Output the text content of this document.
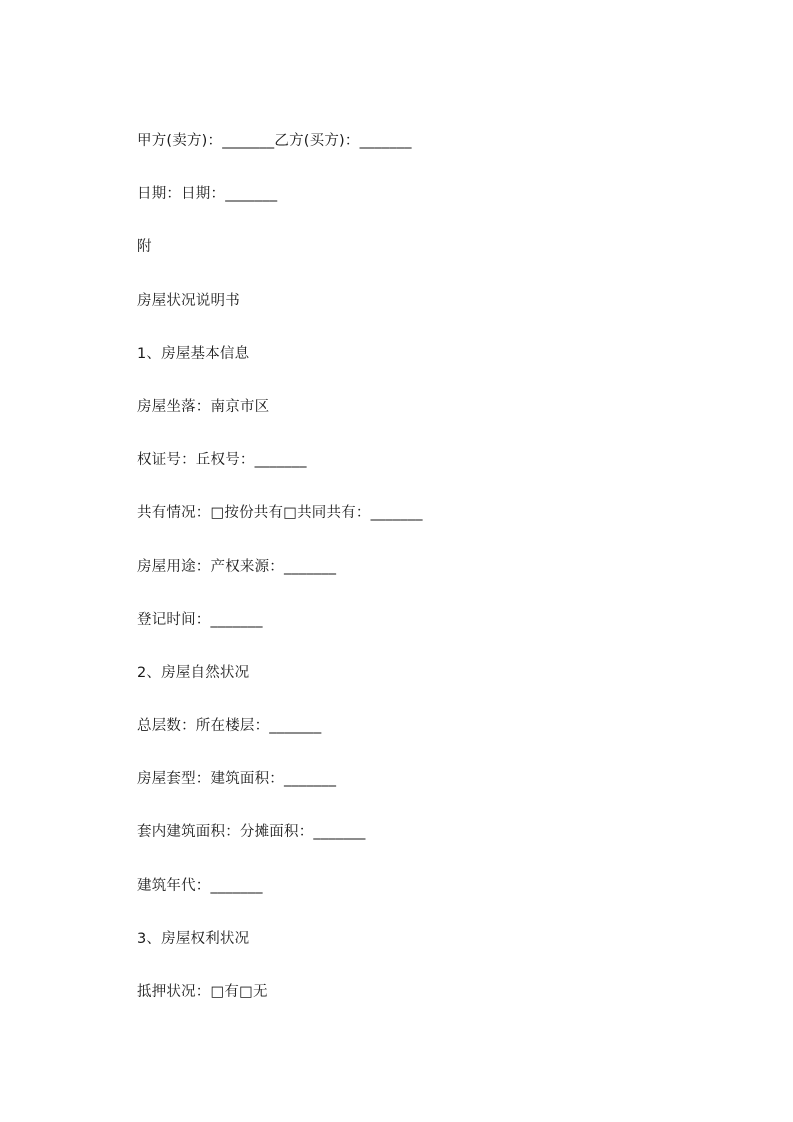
甲方(卖方)：_______乙方(买方)：_______
日期：日期：_______
附
房屋状况说明书
1、房屋基本信息
房屋坐落：南京市区
权证号：丘权号：_______
共有情况：□按份共有□共同共有：_______
房屋用途：产权来源：_______
登记时间：_______
2、房屋自然状况
总层数：所在楼层：_______
房屋套型：建筑面积：_______
套内建筑面积：分摊面积：_______
建筑年代：_______
3、房屋权利状况
抵押状况：□有□无
